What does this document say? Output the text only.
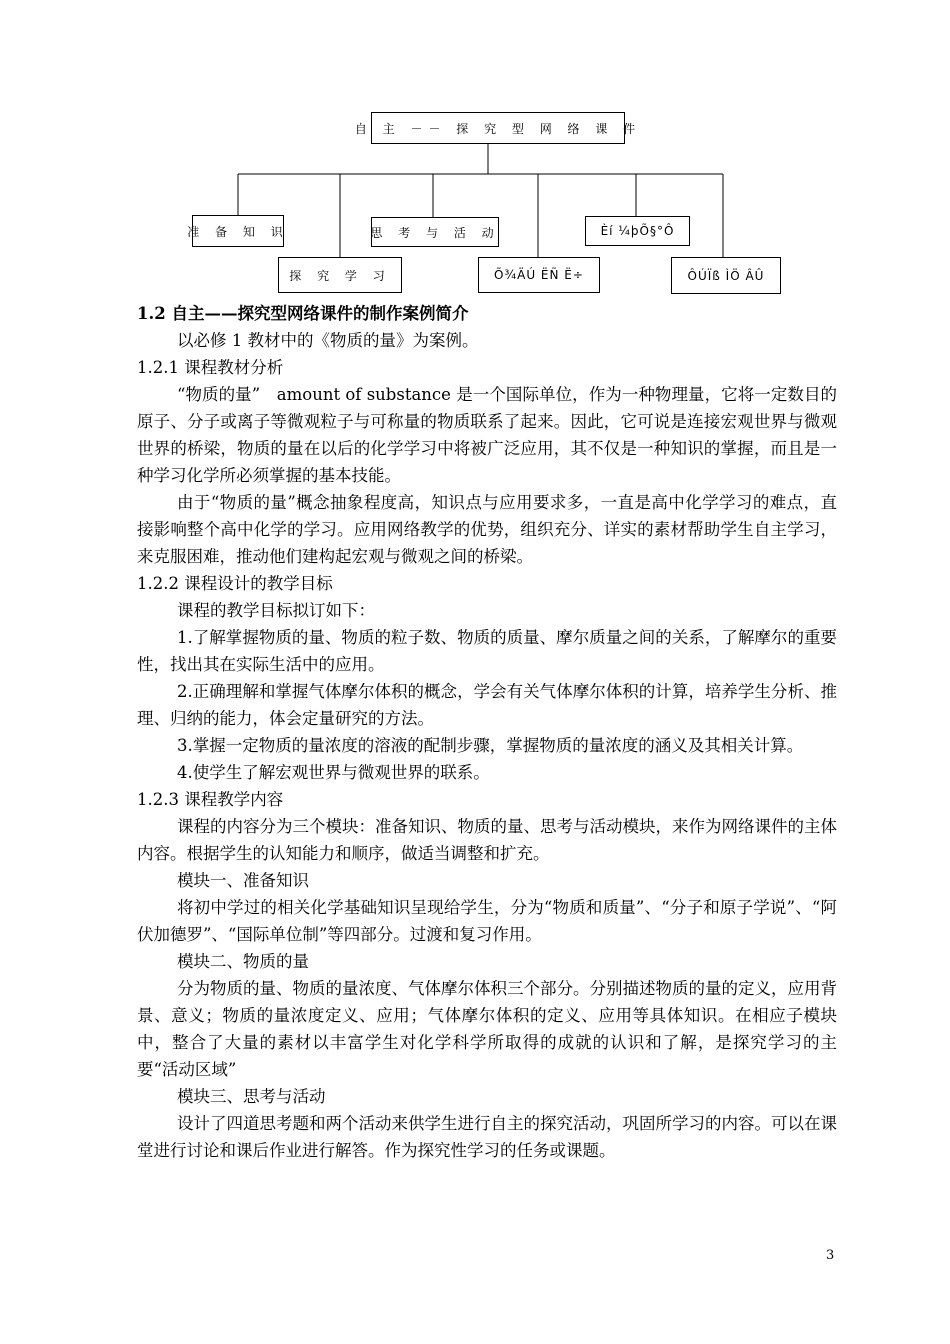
自 主 －－ 探 究 型 网 络 课 件
准 备 知 识
探 究 学 习
思 考 与 活 动
Õ¾ÄÚ ËÑ Ë÷
Èí ¼þÕ§°Ô
ÔÚÏß ÌÖ ÂÛ
1.2 自主——探究型网络课件的制作案例简介
以必修 1 教材中的《物质的量》为案例。
1.2.1 课程教材分析
“物质的量”　amount of substance 是一个国际单位，作为一种物理量，它将一定数目的原子、分子或离子等微观粒子与可称量的物质联系了起来。因此，它可说是连接宏观世界与微观世界的桥梁，物质的量在以后的化学学习中将被广泛应用，其不仅是一种知识的掌握，而且是一种学习化学所必须掌握的基本技能。
由于“物质的量”概念抽象程度高，知识点与应用要求多，一直是高中化学学习的难点，直接影响整个高中化学的学习。应用网络教学的优势，组织充分、详实的素材帮助学生自主学习，来克服困难，推动他们建构起宏观与微观之间的桥梁。
1.2.2 课程设计的教学目标
课程的教学目标拟订如下：
1.了解掌握物质的量、物质的粒子数、物质的质量、摩尔质量之间的关系，了解摩尔的重要性，找出其在实际生活中的应用。
2.正确理解和掌握气体摩尔体积的概念，学会有关气体摩尔体积的计算，培养学生分析、推理、归纳的能力，体会定量研究的方法。
3.掌握一定物质的量浓度的溶液的配制步骤，掌握物质的量浓度的涵义及其相关计算。
4.使学生了解宏观世界与微观世界的联系。
1.2.3 课程教学内容
课程的内容分为三个模块：准备知识、物质的量、思考与活动模块，来作为网络课件的主体内容。根据学生的认知能力和顺序，做适当调整和扩充。
模块一、准备知识
将初中学过的相关化学基础知识呈现给学生，分为“物质和质量”、“分子和原子学说”、“阿伏加德罗”、“国际单位制”等四部分。过渡和复习作用。
模块二、物质的量
分为物质的量、物质的量浓度、气体摩尔体积三个部分。分别描述物质的量的定义，应用背景、意义；物质的量浓度定义、应用；气体摩尔体积的定义、应用等具体知识。在相应子模块中，整合了大量的素材以丰富学生对化学科学所取得的成就的认识和了解，是探究学习的主要“活动区域”
模块三、思考与活动
设计了四道思考题和两个活动来供学生进行自主的探究活动，巩固所学习的内容。可以在课堂进行讨论和课后作业进行解答。作为探究性学习的任务或课题。
3
